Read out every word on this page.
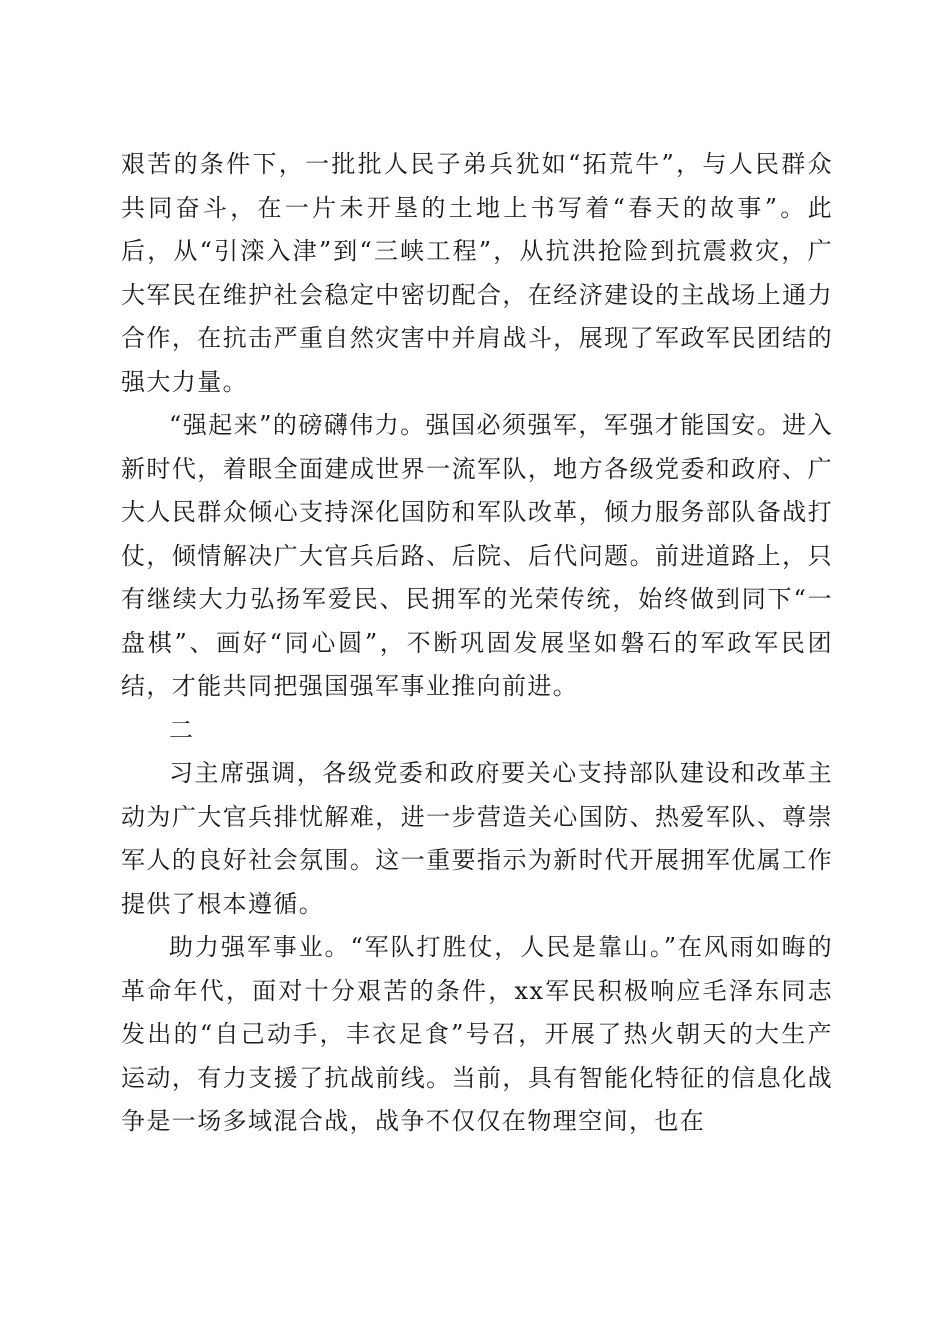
艰苦的条件下，一批批人民子弟兵犹如“拓荒牛”，与人民群众共同奋斗，在一片未开垦的土地上书写着“春天的故事”。此后，从“引滦入津”到“三峡工程”，从抗洪抢险到抗震救灾，广大军民在维护社会稳定中密切配合，在经济建设的主战场上通力合作，在抗击严重自然灾害中并肩战斗，展现了军政军民团结的强大力量。

“强起来”的磅礴伟力。强国必须强军，军强才能国安。进入新时代，着眼全面建成世界一流军队，地方各级党委和政府、广大人民群众倾心支持深化国防和军队改革，倾力服务部队备战打仗，倾情解决广大官兵后路、后院、后代问题。前进道路上，只有继续大力弘扬军爱民、民拥军的光荣传统，始终做到同下“一盘棋”、画好“同心圆”，不断巩固发展坚如磐石的军政军民团结，才能共同把强国强军事业推向前进。

二

习主席强调，各级党委和政府要关心支持部队建设和改革主动为广大官兵排忧解难，进一步营造关心国防、热爱军队、尊崇军人的良好社会氛围。这一重要指示为新时代开展拥军优属工作提供了根本遵循。

助力强军事业。“军队打胜仗，人民是靠山。”在风雨如晦的革命年代，面对十分艰苦的条件，xx军民积极响应毛泽东同志发出的“自己动手，丰衣足食”号召，开展了热火朝天的大生产运动，有力支援了抗战前线。当前，具有智能化特征的信息化战争是一场多域混合战，战争不仅仅在物理空间，也在
